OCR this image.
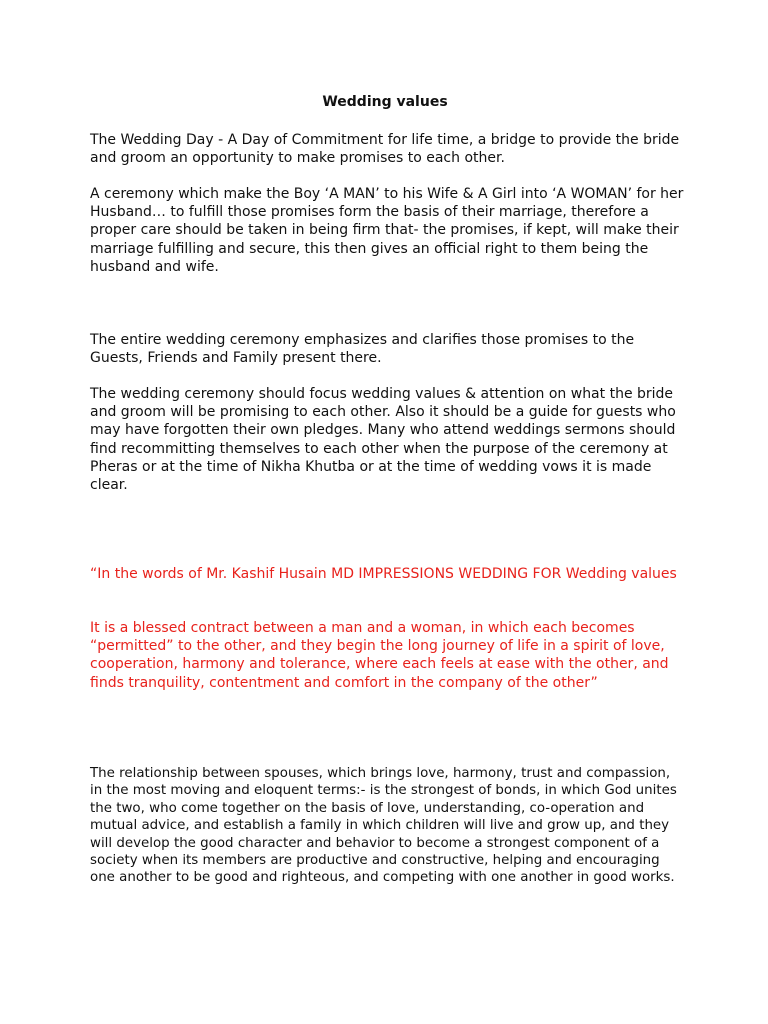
Wedding values

The Wedding Day - A Day of Commitment for life time, a bridge to provide the bride and groom an opportunity to make promises to each other.

A ceremony which make the Boy ‘A MAN’ to his Wife & A Girl into ‘A WOMAN’ for her Husband… to fulfill those promises form the basis of their marriage, therefore a proper care should be taken in being firm that- the promises, if kept, will make their marriage fulfilling and secure, this then gives an official right to them being the husband and wife.

The entire wedding ceremony emphasizes and clarifies those promises to the Guests, Friends and Family present there.

The wedding ceremony should focus wedding values & attention on what the bride and groom will be promising to each other. Also it should be a guide for guests who may have forgotten their own pledges. Many who attend weddings sermons should find recommitting themselves to each other when the purpose of the ceremony at Pheras or at the time of Nikha Khutba or at the time of wedding vows it is made clear.

“In the words of Mr. Kashif Husain MD IMPRESSIONS WEDDING FOR Wedding values

It is a blessed contract between a man and a woman, in which each becomes “permitted” to the other, and they begin the long journey of life in a spirit of love, cooperation, harmony and tolerance, where each feels at ease with the other, and finds tranquility, contentment and comfort in the company of the other”

The relationship between spouses, which brings love, harmony, trust and compassion, in the most moving and eloquent terms:- is the strongest of bonds, in which God unites the two, who come together on the basis of love, understanding, co-operation and mutual advice, and establish a family in which children will live and grow up, and they will develop the good character and behavior to become a strongest component of a society when its members are productive and constructive, helping and encouraging one another to be good and righteous, and competing with one another in good works.
